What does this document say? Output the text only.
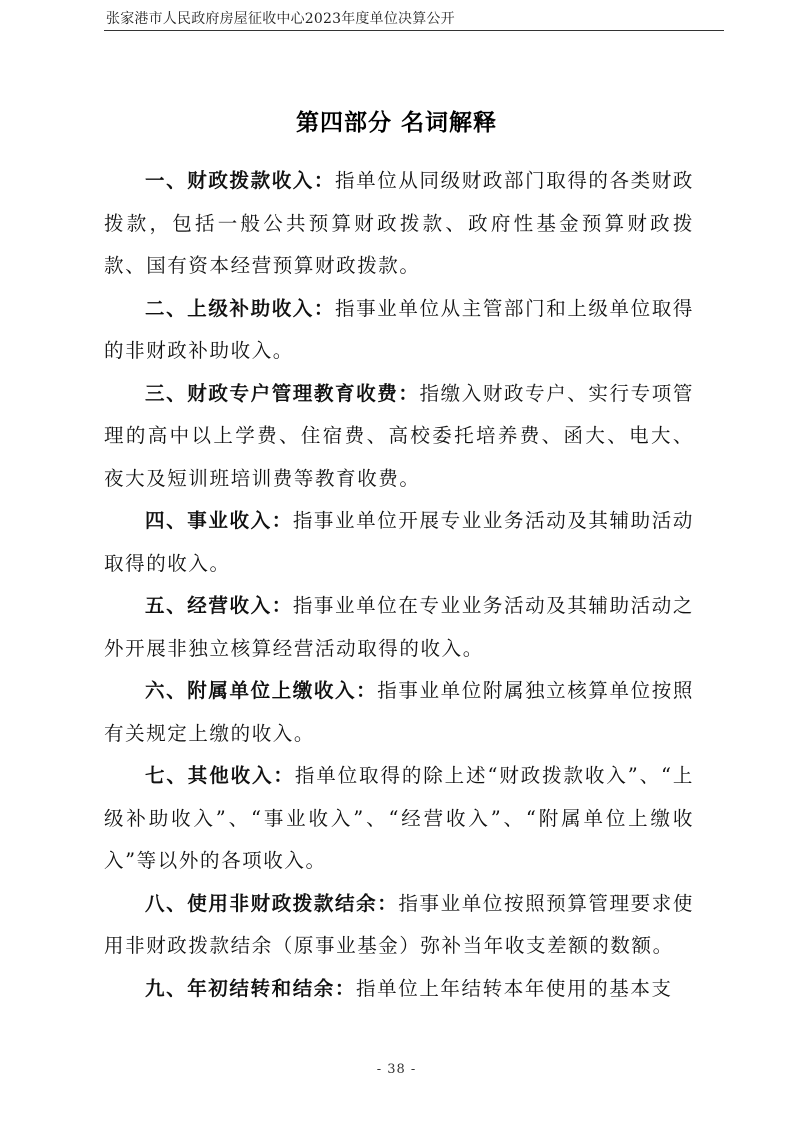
张家港市人民政府房屋征收中心2023年度单位决算公开
第四部分 名词解释

一、财政拨款收入：指单位从同级财政部门取得的各类财政拨款，包括一般公共预算财政拨款、政府性基金预算财政拨款、国有资本经营预算财政拨款。

二、上级补助收入：指事业单位从主管部门和上级单位取得的非财政补助收入。

三、财政专户管理教育收费：指缴入财政专户、实行专项管理的高中以上学费、住宿费、高校委托培养费、函大、电大、夜大及短训班培训费等教育收费。

四、事业收入：指事业单位开展专业业务活动及其辅助活动取得的收入。

五、经营收入：指事业单位在专业业务活动及其辅助活动之外开展非独立核算经营活动取得的收入。

六、附属单位上缴收入：指事业单位附属独立核算单位按照有关规定上缴的收入。

七、其他收入：指单位取得的除上述“财政拨款收入”、“上级补助收入”、“事业收入”、“经营收入”、“附属单位上缴收入”等以外的各项收入。

八、使用非财政拨款结余：指事业单位按照预算管理要求使用非财政拨款结余（原事业基金）弥补当年收支差额的数额。

九、年初结转和结余：指单位上年结转本年使用的基本支

- 38 -
